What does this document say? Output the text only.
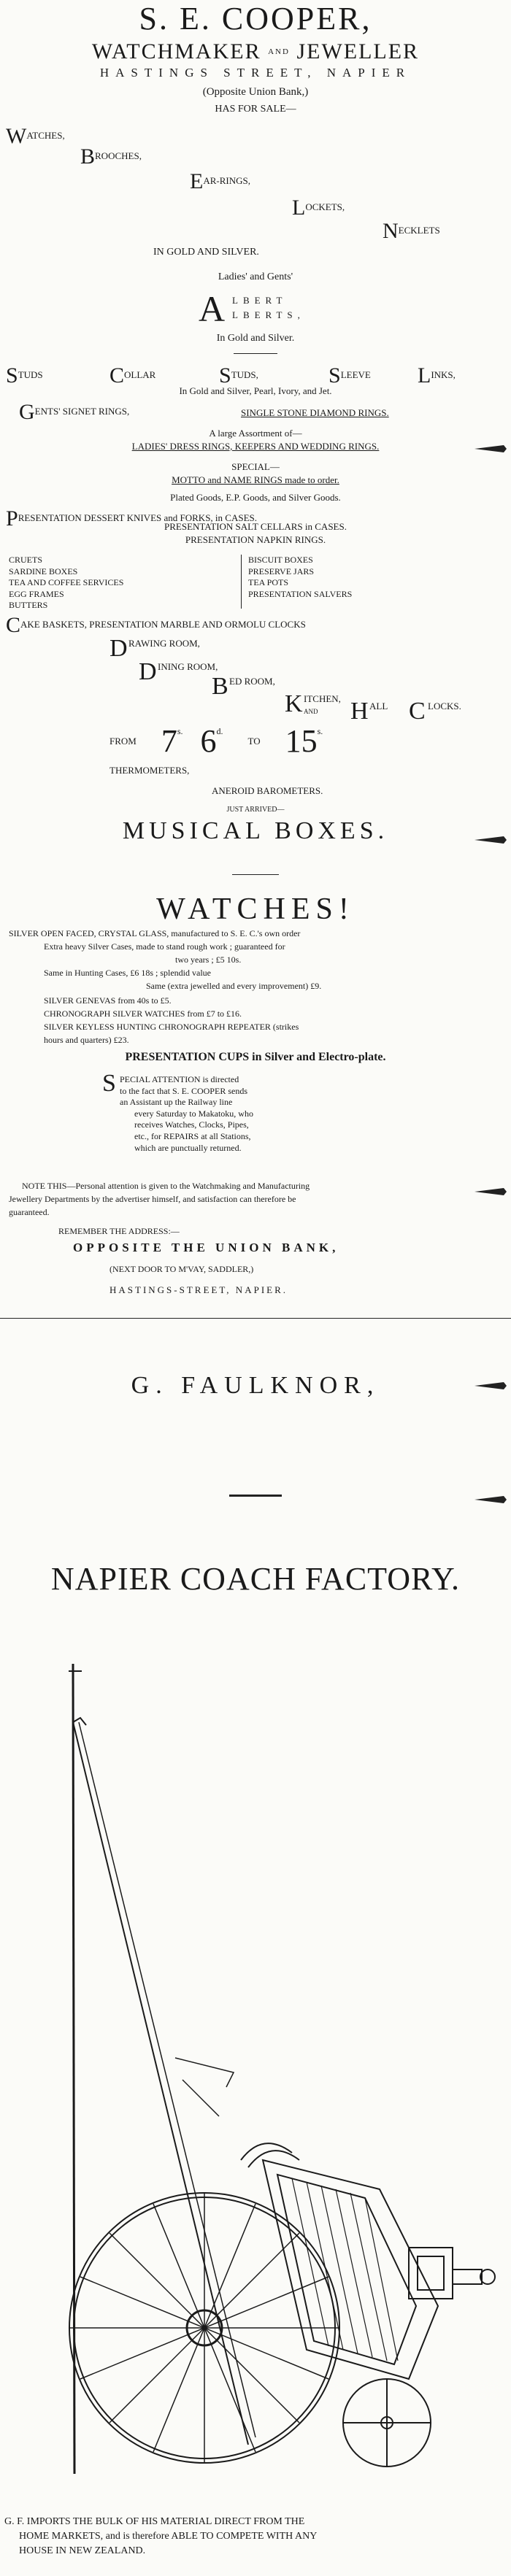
S. E. COOPER,
WATCHMAKER $^{AND}$ JEWELLER
HASTINGS STREET, NAPIER
(Opposite Union Bank,)
HAS FOR SALE—
WATCHES,
BROOCHES,
EAR-RINGS,
LOCKETS,
NECKLETS
IN GOLD AND SILVER.
Ladies' and Gents'
A LBERT
LBERTS,
In Gold and Silver.
STUDS	COLLAR	STUDS,	SLEEVE LINKS,
In Gold and Silver, Pearl, Ivory, and Jet.
GENTS' SIGNET RINGS,	SINGLE STONE DIAMOND RINGS.
A large Assortment of—
LADIES' DRESS RINGS, KEEPERS AND WEDDING RINGS.
SPECIAL—
MOTTO and NAME RINGS made to order.
Plated Goods, E.P. Goods, and Silver Goods.
PRESENTATION DESSERT KNIVES and FORKS, in CASES.
PRESENTATION SALT CELLARS in CASES.
PRESENTATION NAPKIN RINGS.
CRUETS
SARDINE BOXES
TEA AND COFFEE SERVICES
EGG FRAMES
BUTTERS
BISCUIT BOXES
PRESERVE JARS
TEA POTS
PRESENTATION SALVERS
CAKE BASKETS, PRESENTATION MARBLE AND ORMOLU CLOCKS
D RAWING ROOM,
D INING ROOM,
B ED ROOM,
K ITCHEN,
AND H ALL C LOCKS.
$^{FROM}$ $7^{s.}$ $6^{d.}$ $^{TO}$ $15^{s.}$
THERMOMETERS,
ANEROID BAROMETERS.
JUST ARRIVED—
MUSICAL BOXES.
WATCHES!
SILVER OPEN FACED, CRYSTAL GLASS, manufactured to S. E. C.'s own order
Extra heavy Silver Cases, made to stand rough work ; guaranteed for
two years ; £5 10s.
Same in Hunting Cases, £6 18s ; splendid value
Same (extra jewelled and every improvement) £9.
SILVER GENEVAS from 40s to £5.
CHRONOGRAPH SILVER WATCHES from £7 to £16.
SILVER KEYLESS HUNTING CHRONOGRAPH REPEATER (strikes
hours and quarters) £23.
PRESENTATION CUPS in Silver and Electro-plate.
S PECIAL ATTENTION is directed
to the fact that S. E. COOPER sends
an Assistant up the Railway line
every Saturday to Makatoku, who
receives Watches, Clocks, Pipes,
etc., for REPAIRS at all Stations,
which are punctually returned.
NOTE THIS—Personal attention is given to the Watchmaking and Manufacturing
Jewellery Departments by the advertiser himself, and satisfaction can therefore be
guaranteed.
REMEMBER THE ADDRESS:—
OPPOSITE THE UNION BANK,
(NEXT DOOR TO M'VAY, SADDLER,)
HASTINGS-STREET, NAPIER.
G. FAULKNOR,
NAPIER COACH FACTORY.
G. F. IMPORTS THE BULK OF HIS MATERIAL DIRECT FROM THE
HOME MARKETS, and is therefore ABLE TO COMPETE WITH ANY
HOUSE IN NEW ZEALAND.
